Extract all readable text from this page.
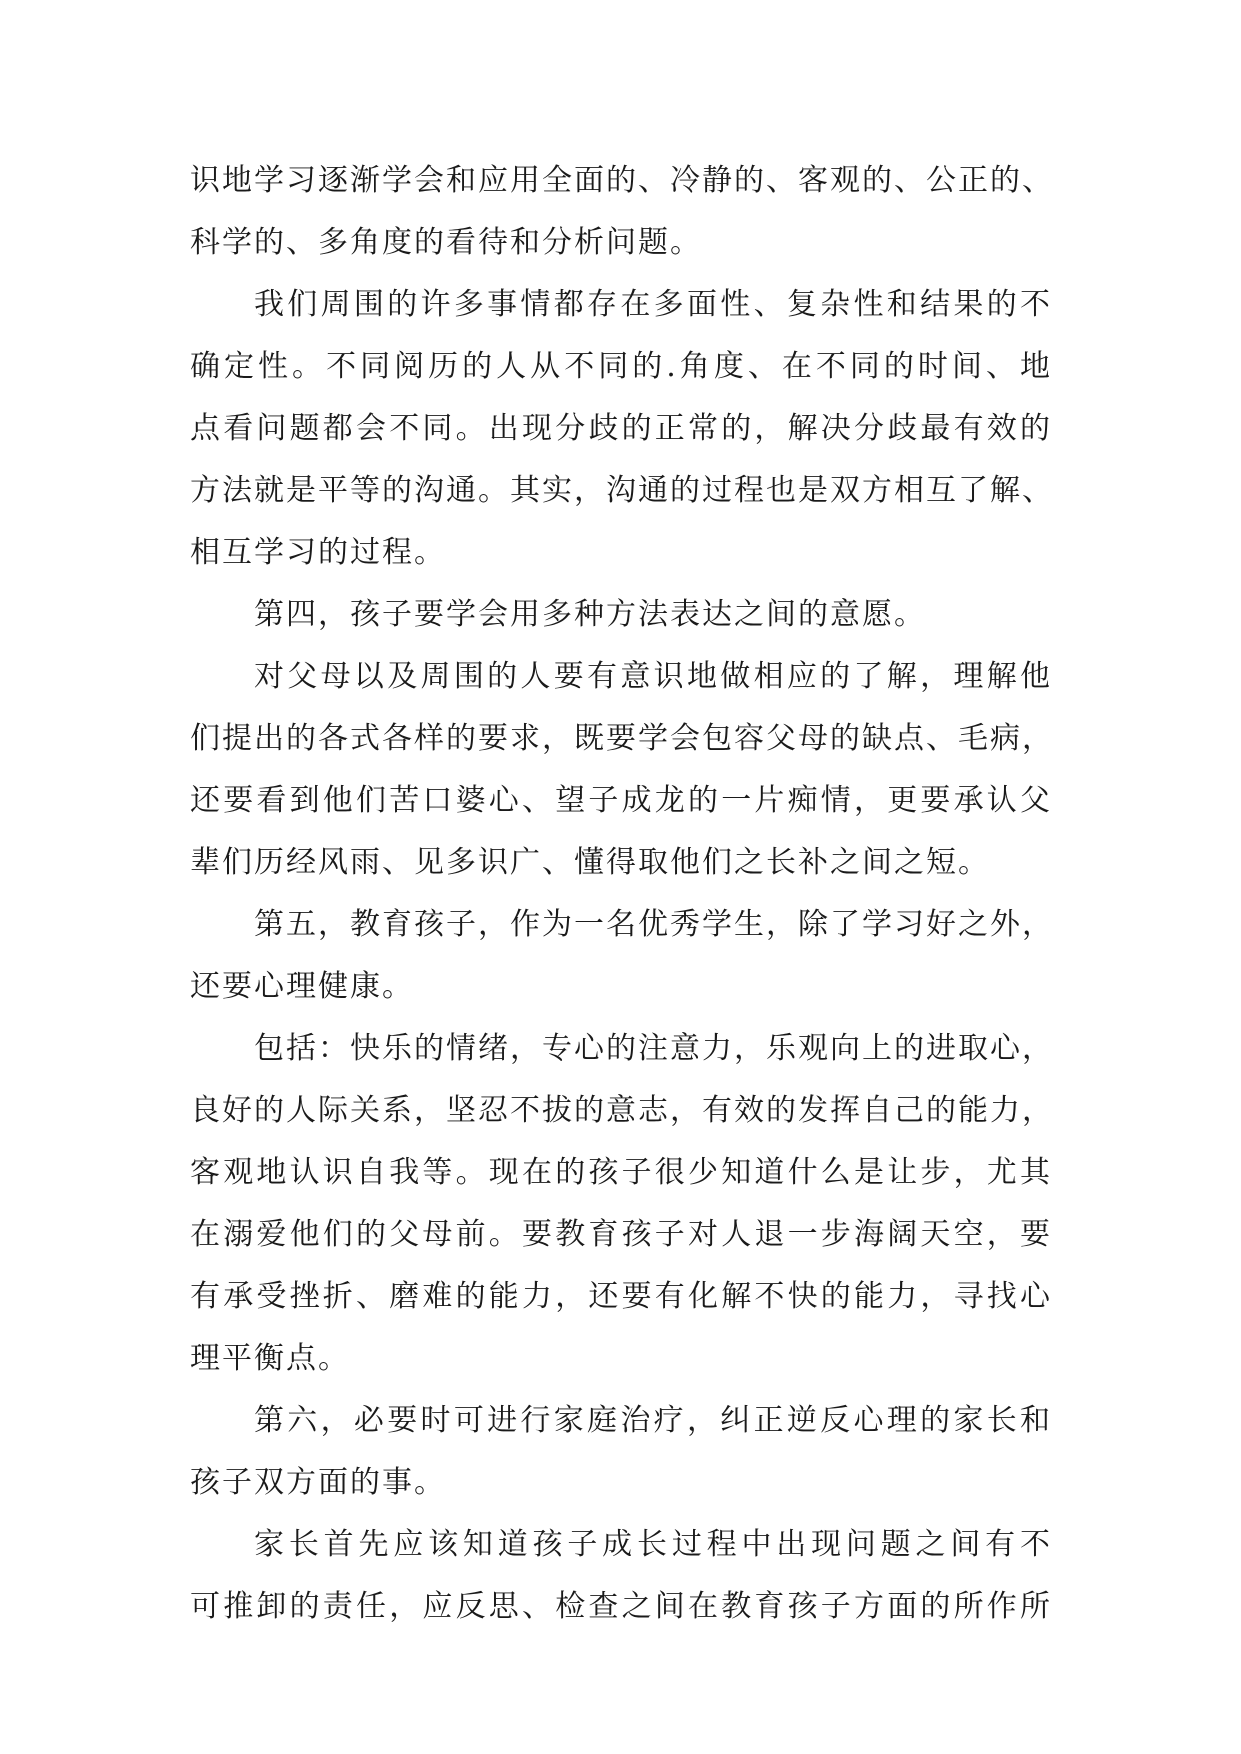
识地学习逐渐学会和应用全面的、冷静的、客观的、公正的、
科学的、多角度的看待和分析问题。
我们周围的许多事情都存在多面性、复杂性和结果的不
确定性。不同阅历的人从不同的.角度、在不同的时间、地
点看问题都会不同。出现分歧的正常的，解决分歧最有效的
方法就是平等的沟通。其实，沟通的过程也是双方相互了解、
相互学习的过程。
第四，孩子要学会用多种方法表达之间的意愿。
对父母以及周围的人要有意识地做相应的了解，理解他
们提出的各式各样的要求，既要学会包容父母的缺点、毛病，
还要看到他们苦口婆心、望子成龙的一片痴情，更要承认父
辈们历经风雨、见多识广、懂得取他们之长补之间之短。
第五，教育孩子，作为一名优秀学生，除了学习好之外，
还要心理健康。
包括：快乐的情绪，专心的注意力，乐观向上的进取心，
良好的人际关系，坚忍不拔的意志，有效的发挥自己的能力，
客观地认识自我等。现在的孩子很少知道什么是让步，尤其
在溺爱他们的父母前。要教育孩子对人退一步海阔天空，要
有承受挫折、磨难的能力，还要有化解不快的能力，寻找心
理平衡点。
第六，必要时可进行家庭治疗，纠正逆反心理的家长和
孩子双方面的事。
家长首先应该知道孩子成长过程中出现问题之间有不
可推卸的责任，应反思、检查之间在教育孩子方面的所作所
